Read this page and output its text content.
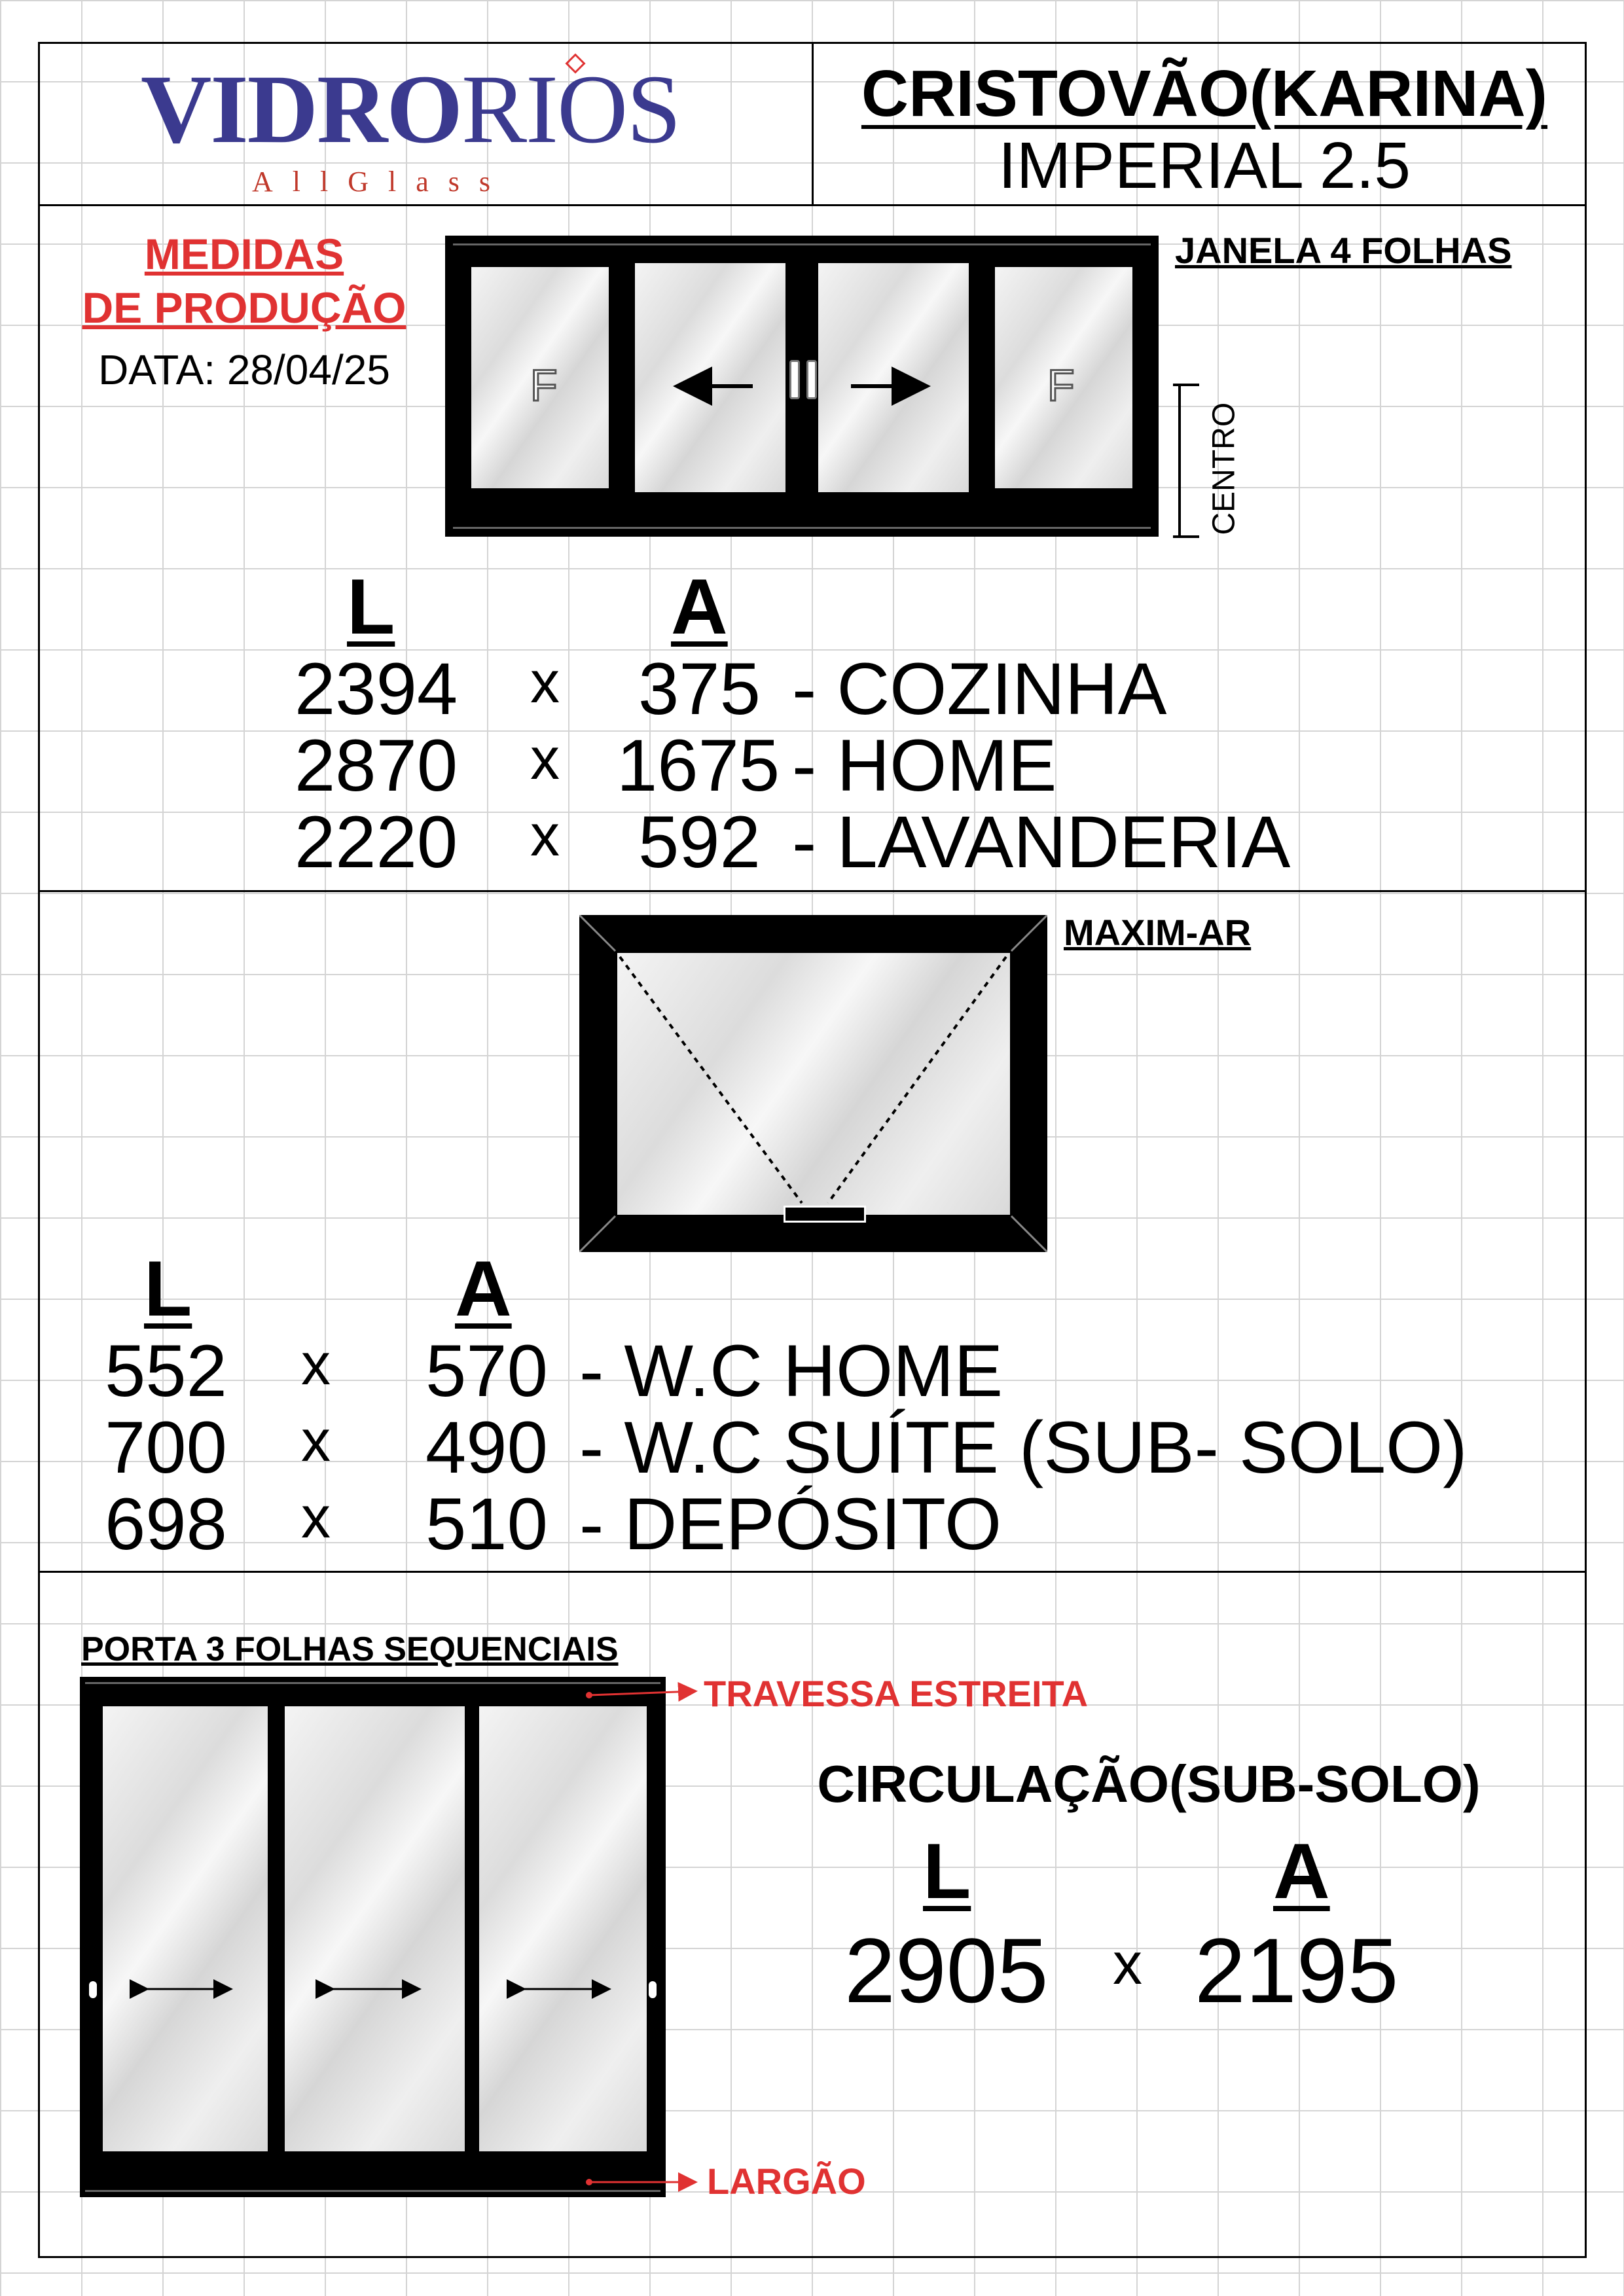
VIDRORIOS
AllGlass
CRISTOVÃO(KARINA)
IMPERIAL 2.5
MEDIDAS
DE PRODUÇÃO
DATA: 28/04/25
JANELA 4 FOLHAS
F	F
CENTRO
L	A
2394 x 375 - COZINHA
2870 x 1675 - HOME
2220 x 592 - LAVANDERIA
MAXIM-AR
L	A
552 x 570 - W.C HOME
700 x 490 - W.C SUÍTE (SUB- SOLO)
698 x 510 - DEPÓSITO
PORTA 3 FOLHAS SEQUENCIAIS
TRAVESSA ESTREITA
LARGÃO
CIRCULAÇÃO(SUB-SOLO)
L	A
2905 x 2195
